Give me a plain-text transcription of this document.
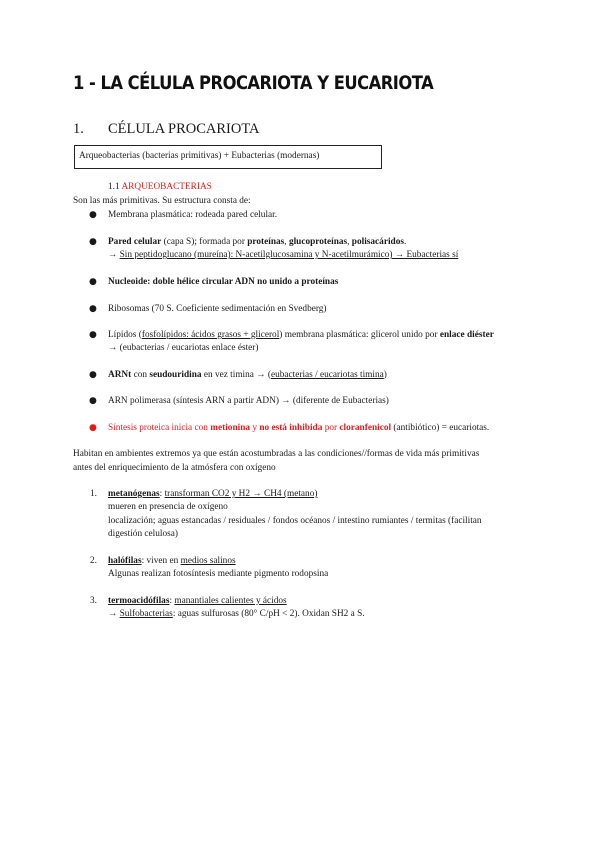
1 - LA CÉLULA PROCARIOTA Y EUCARIOTA
1. CÉLULA PROCARIOTA
Arqueobacterias (bacterias primitivas) + Eubacterias (modernas)
1.1 ARQUEOBACTERIAS
Son las más primitivas. Su estructura consta de:
● Membrana plasmática: rodeada pared celular.
● Pared celular (capa S); formada por proteínas, glucoproteínas, polisacáridos.
→ Sin peptidoglucano (mureína): N-acetilglucosamina y N-acetilmurámico) → Eubacterias sí
● Nucleoide: doble hélice circular ADN no unido a proteínas
● Ribosomas (70 S. Coeficiente sedimentación en Svedberg)
● Lípidos (fosfolípidos: ácidos grasos + glicerol) membrana plasmática: glicerol unido por enlace diéster
→ (eubacterias / eucariotas enlace éster)
● ARNt con seudouridina en vez timina → (eubacterias / eucariotas timina)
● ARN polimerasa (síntesis ARN a partir ADN) → (diferente de Eubacterias)
● Síntesis proteica inicia con metionina y no está inhibida por cloranfenicol (antibiótico) = eucariotas.
Habitan en ambientes extremos ya que están acostumbradas a las condiciones//formas de vida más primitivas
antes del enriquecimiento de la atmósfera con oxígeno
1. metanógenas: transforman CO2 y H2 → CH4 (metano)
mueren en presencia de oxígeno
localización; aguas estancadas / residuales / fondos océanos / intestino rumiantes / termitas (facilitan
digestión celulosa)
2. halófilas: viven en medios salinos
Algunas realizan fotosíntesis mediante pigmento rodopsina
3. termoacidófilas: manantiales calientes y ácidos
→ Sulfobacterias: aguas sulfurosas (80° C/pH < 2). Oxidan SH2 a S.
